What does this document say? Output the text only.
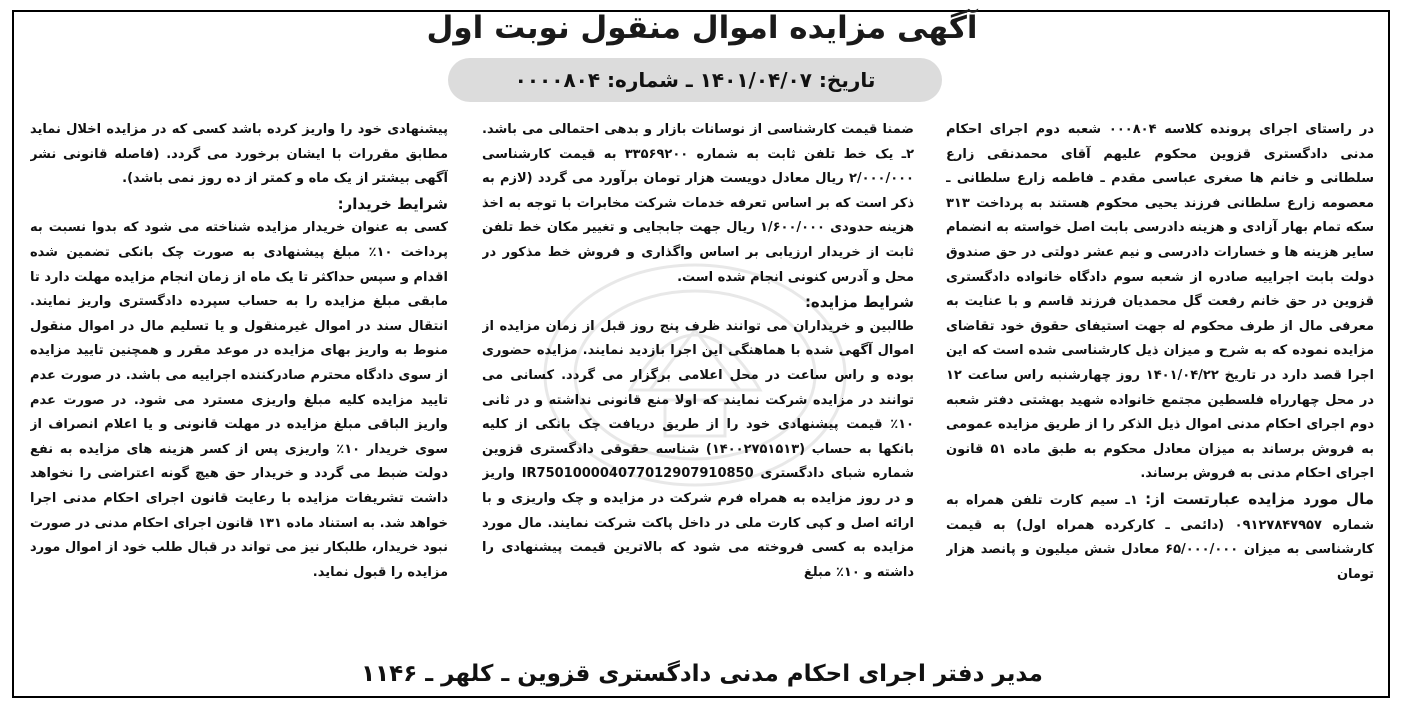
آگهی مزایده اموال منقول نوبت اول
تاریخ: ۱۴۰۱/۰۴/۰۷ ـ شماره: ۰۰۰۰۸۰۴

در راستای اجرای پرونده کلاسه ۰۰۰۸۰۴ شعبه دوم اجرای احکام مدنی دادگستری قزوین محکوم علیهم آقای محمدنقی زارع سلطانی و خانم ها صغری عباسی مقدم ـ فاطمه زارع سلطانی ـ معصومه زارع سلطانی فرزند یحیی محکوم هستند به پرداخت ۳۱۳ سکه تمام بهار آزادی و هزینه دادرسی بابت اصل خواسته به انضمام سایر هزینه ها و خسارات دادرسی و نیم عشر دولتی در حق صندوق دولت بابت اجراییه صادره از شعبه سوم دادگاه خانواده دادگستری قزوین در حق خانم رفعت گل محمدیان فرزند قاسم و با عنایت به معرفی مال از طرف محکوم له جهت استیفای حقوق خود تقاضای مزایده نموده که به شرح و میزان ذیل کارشناسی شده است که این اجرا قصد دارد در تاریخ ۱۴۰۱/۰۴/۲۲ روز چهارشنبه راس ساعت ۱۲ در محل چهارراه فلسطین مجتمع خانواده شهید بهشتی دفتر شعبه دوم اجرای احکام مدنی اموال ذیل الذکر را از طریق مزایده عمومی به فروش برساند به میزان معادل محکوم به طبق ماده ۵۱ قانون اجرای احکام مدنی به فروش برساند.

مال مورد مزایده عبارتست از: ۱ـ سیم کارت تلفن همراه به شماره ۰۹۱۲۷۸۴۷۹۵۷ (دائمی ـ کارکرده همراه اول) به قیمت کارشناسی به میزان ۶۵/۰۰۰/۰۰۰ معادل شش میلیون و پانصد هزار تومان

ضمنا قیمت کارشناسی از نوسانات بازار و بدهی احتمالی می باشد. ۲ـ یک خط تلفن ثابت به شماره ۳۳۵۶۹۲۰۰ به قیمت کارشناسی ۲/۰۰۰/۰۰۰ ریال معادل دویست هزار تومان برآورد می گردد (لازم به ذکر است که بر اساس تعرفه خدمات شرکت مخابرات با توجه به اخذ هزینه حدودی ۱/۶۰۰/۰۰۰ ریال جهت جابجایی و تغییر مکان خط تلفن ثابت از خریدار ارزیابی بر اساس واگذاری و فروش خط مذکور در محل و آدرس کنونی انجام شده است.

شرایط مزایده:

طالبین و خریداران می توانند ظرف پنج روز قبل از زمان مزایده از اموال آگهی شده با هماهنگی این اجرا بازدید نمایند. مزایده حضوری بوده و راس ساعت در محل اعلامی برگزار می گردد. کسانی می توانند در مزایده شرکت نمایند که اولا منع قانونی نداشته و در ثانی ۱۰٪ قیمت پیشنهادی خود را از طریق دریافت چک بانکی از کلیه بانکها به حساب (۱۴۰۰۲۷۵۱۵۱۳) شناسه حقوقی دادگستری قزوین شماره شبای دادگستری IR750100004077012907910850 واریز و در روز مزایده به همراه فرم شرکت در مزایده و چک واریزی و با ارائه اصل و کپی کارت ملی در داخل پاکت شرکت نمایند. مال مورد مزایده به کسی فروخته می شود که بالاترین قیمت پیشنهادی را داشته و ۱۰٪ مبلغ

پیشنهادی خود را واریز کرده باشد کسی که در مزایده اخلال نماید مطابق مقررات با ایشان برخورد می گردد. (فاصله قانونی نشر آگهی بیشتر از یک ماه و کمتر از ده روز نمی باشد).

شرایط خریدار:

کسی به عنوان خریدار مزایده شناخته می شود که بدوا نسبت به پرداخت ۱۰٪ مبلغ پیشنهادی به صورت چک بانکی تضمین شده اقدام و سپس حداکثر تا یک ماه از زمان انجام مزایده مهلت دارد تا مابقی مبلغ مزایده را به حساب سپرده دادگستری واریز نمایند. انتقال سند در اموال غیرمنقول و یا تسلیم مال در اموال منقول منوط به واریز بهای مزایده در موعد مقرر و همچنین تایید مزایده از سوی دادگاه محترم صادرکننده اجراییه می باشد. در صورت عدم تایید مزایده کلیه مبلغ واریزی مسترد می شود. در صورت عدم واریز الباقی مبلغ مزایده در مهلت قانونی و یا اعلام انصراف از سوی خریدار ۱۰٪ واریزی پس از کسر هزینه های مزایده به نفع دولت ضبط می گردد و خریدار حق هیچ گونه اعتراضی را نخواهد داشت تشریفات مزایده با رعایت قانون اجرای احکام مدنی اجرا خواهد شد. به استناد ماده ۱۳۱ قانون اجرای احکام مدنی در صورت نبود خریدار، طلبکار نیز می تواند در قبال طلب خود از اموال مورد مزایده را قبول نماید.

مدیر دفتر اجرای احکام مدنی دادگستری قزوین ـ کلهر ـ ۱۱۴۶
